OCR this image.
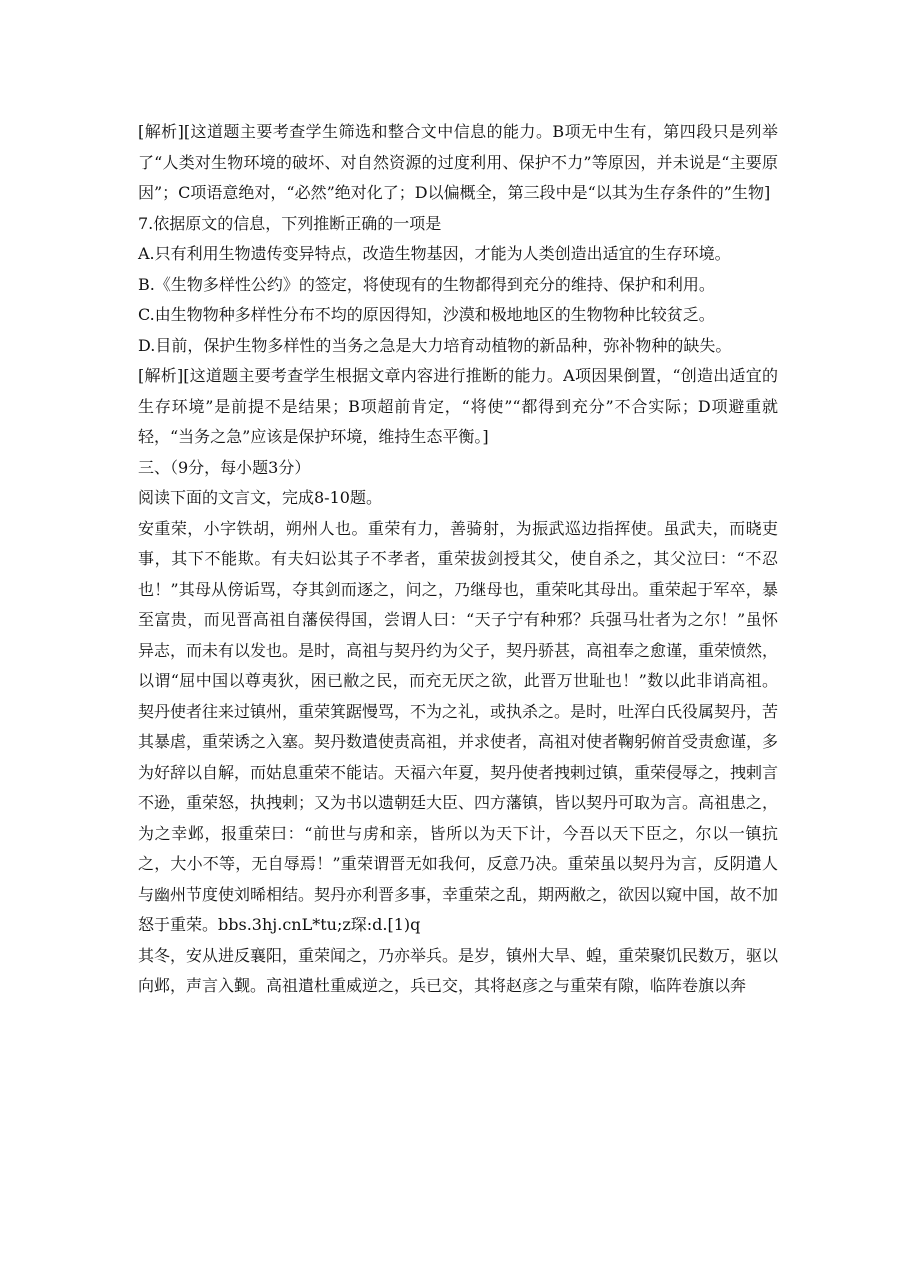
[解析][这道题主要考查学生筛选和整合文中信息的能力。B项无中生有，第四段只是列举了“人类对生物环境的破坏、对自然资源的过度利用、保护不力”等原因，并未说是“主要原因”；C项语意绝对，“必然”绝对化了；D以偏概全，第三段中是“以其为生存条件的”生物]

7.依据原文的信息，下列推断正确的一项是

A.只有利用生物遗传变异特点，改造生物基因，才能为人类创造出适宜的生存环境。

B.《生物多样性公约》的签定，将使现有的生物都得到充分的维持、保护和利用。

C.由生物物种多样性分布不均的原因得知，沙漠和极地地区的生物物种比较贫乏。

D.目前，保护生物多样性的当务之急是大力培育动植物的新品种，弥补物种的缺失。

[解析][这道题主要考查学生根据文章内容进行推断的能力。A项因果倒置，“创造出适宜的生存环境”是前提不是结果；B项超前肯定，“将使”“都得到充分”不合实际；D项避重就轻，“当务之急”应该是保护环境，维持生态平衡。]

三、（9分，每小题3分）

阅读下面的文言文，完成8-10题。

安重荣，小字铁胡，朔州人也。重荣有力，善骑射，为振武巡边指挥使。虽武夫，而晓吏事，其下不能欺。有夫妇讼其子不孝者，重荣拔剑授其父，使自杀之，其父泣曰：“不忍也！”其母从傍诟骂，夺其剑而逐之，问之，乃继母也，重荣叱其母出。重荣起于军卒，暴至富贵，而见晋高祖自藩侯得国，尝谓人曰：“天子宁有种邪？兵强马壮者为之尔！”虽怀异志，而未有以发也。是时，高祖与契丹约为父子，契丹骄甚，高祖奉之愈谨，重荣愤然，以谓“屈中国以尊夷狄，困已敝之民，而充无厌之欲，此晋万世耻也！”数以此非诮高祖。契丹使者往来过镇州，重荣箕踞慢骂，不为之礼，或执杀之。是时，吐浑白氏役属契丹，苦其暴虐，重荣诱之入塞。契丹数遣使责高祖，并求使者，高祖对使者鞠躬俯首受责愈谨，多为好辞以自解，而姑息重荣不能诘。天福六年夏，契丹使者拽剌过镇，重荣侵辱之，拽剌言不逊，重荣怒，执拽剌；又为书以遗朝廷大臣、四方藩镇，皆以契丹可取为言。高祖患之，为之幸邺，报重荣曰：“前世与虏和亲，皆所以为天下计，今吾以天下臣之，尔以一镇抗之，大小不等，无自辱焉！”重荣谓晋无如我何，反意乃决。重荣虽以契丹为言，反阴遣人与幽州节度使刘晞相结。契丹亦利晋多事，幸重荣之乱，期两敝之，欲因以窥中国，故不加怒于重荣。bbs.3hj.cnL*tu;z琛:d.[1)q

其冬，安从进反襄阳，重荣闻之，乃亦举兵。是岁，镇州大旱、蝗，重荣聚饥民数万，驱以向邺，声言入觐。高祖遣杜重威逆之，兵已交，其将赵彦之与重荣有隙，临阵卷旗以奔
